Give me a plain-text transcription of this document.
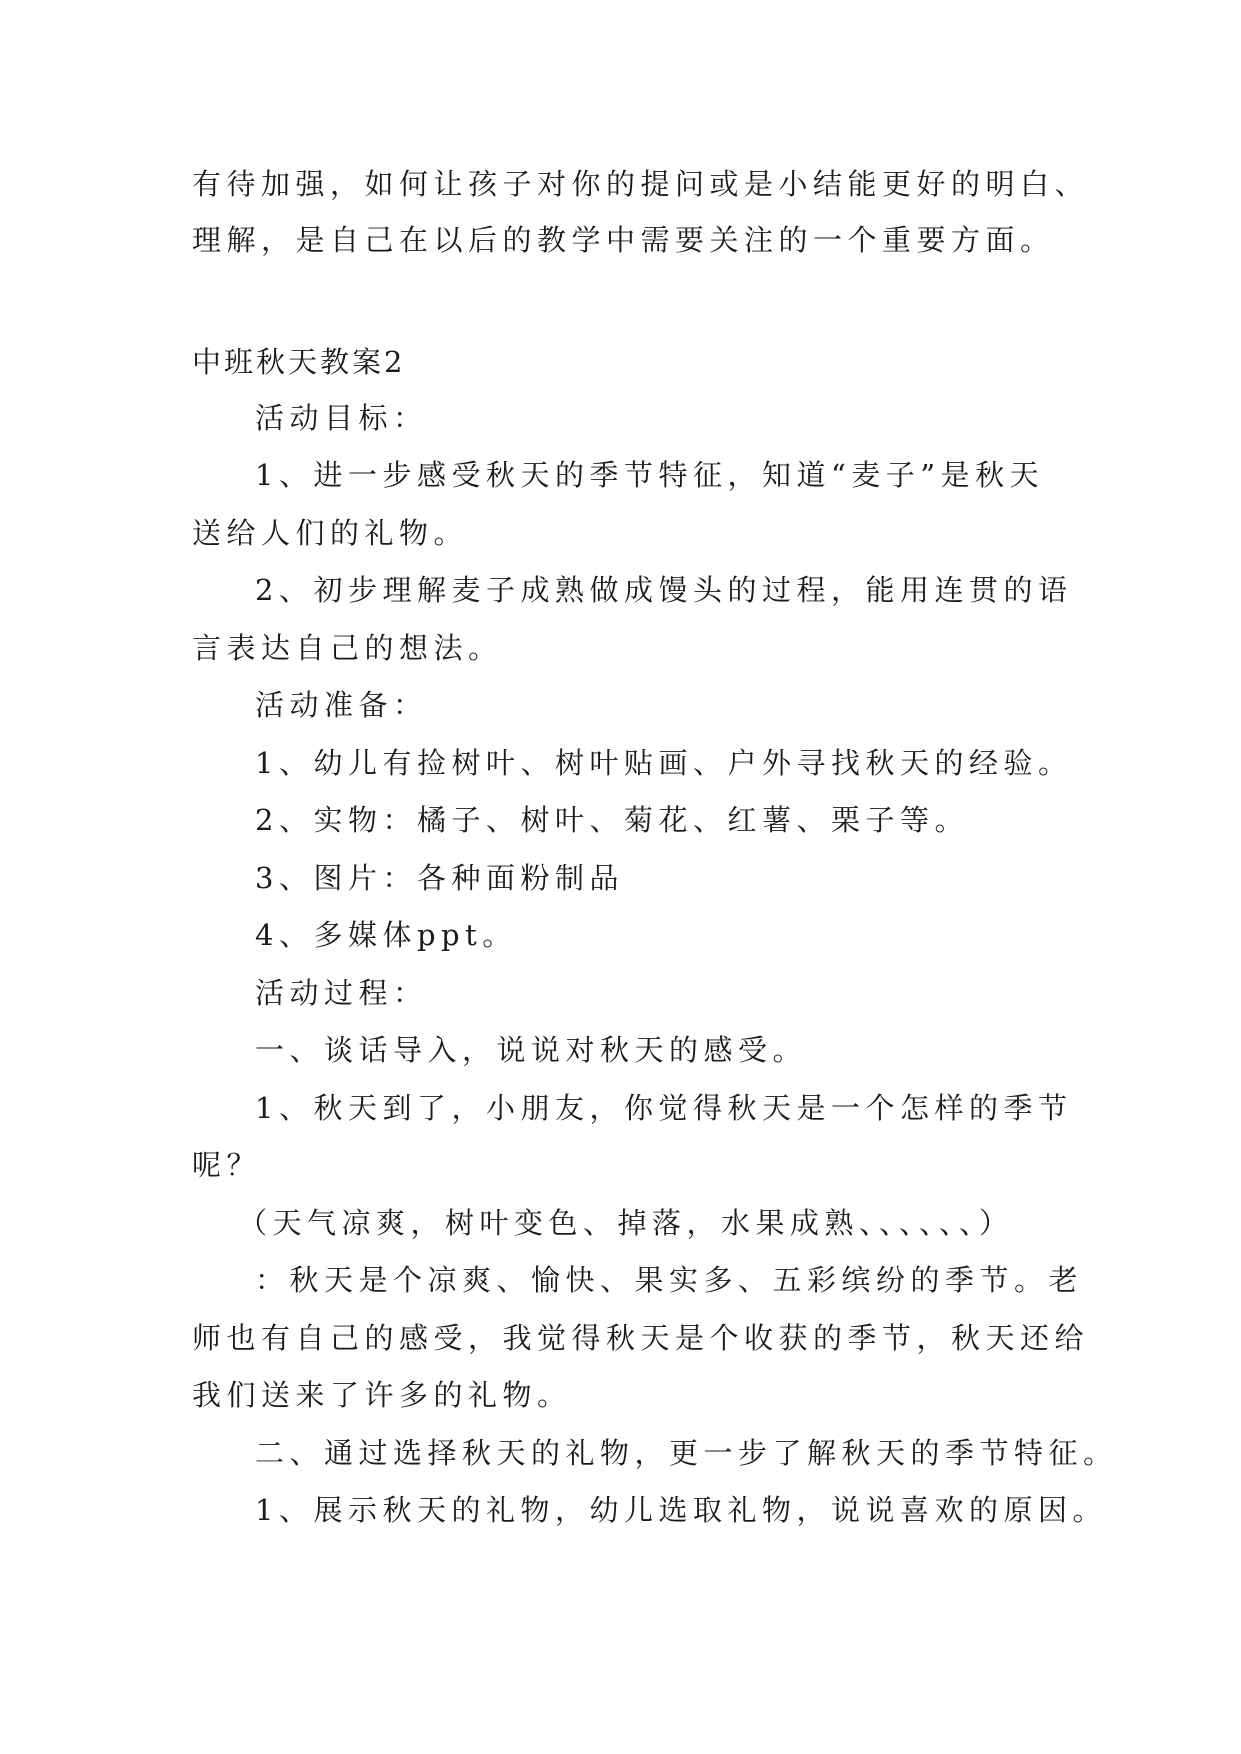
有待加强，如何让孩子对你的提问或是小结能更好的明白、
理解，是自己在以后的教学中需要关注的一个重要方面。
中班秋天教案2
活动目标：
1、进一步感受秋天的季节特征，知道“麦子”是秋天
送给人们的礼物。
2、初步理解麦子成熟做成馒头的过程，能用连贯的语
言表达自己的想法。
活动准备：
1、幼儿有捡树叶、树叶贴画、户外寻找秋天的经验。
2、实物：橘子、树叶、菊花、红薯、栗子等。
3、图片：各种面粉制品
4、多媒体ppt。
活动过程：
一、谈话导入，说说对秋天的感受。
1、秋天到了，小朋友，你觉得秋天是一个怎样的季节
呢？
（天气凉爽，树叶变色、掉落，水果成熟、、、、、、）
：秋天是个凉爽、愉快、果实多、五彩缤纷的季节。老
师也有自己的感受，我觉得秋天是个收获的季节，秋天还给
我们送来了许多的礼物。
二、通过选择秋天的礼物，更一步了解秋天的季节特征。
1、展示秋天的礼物，幼儿选取礼物，说说喜欢的原因。
